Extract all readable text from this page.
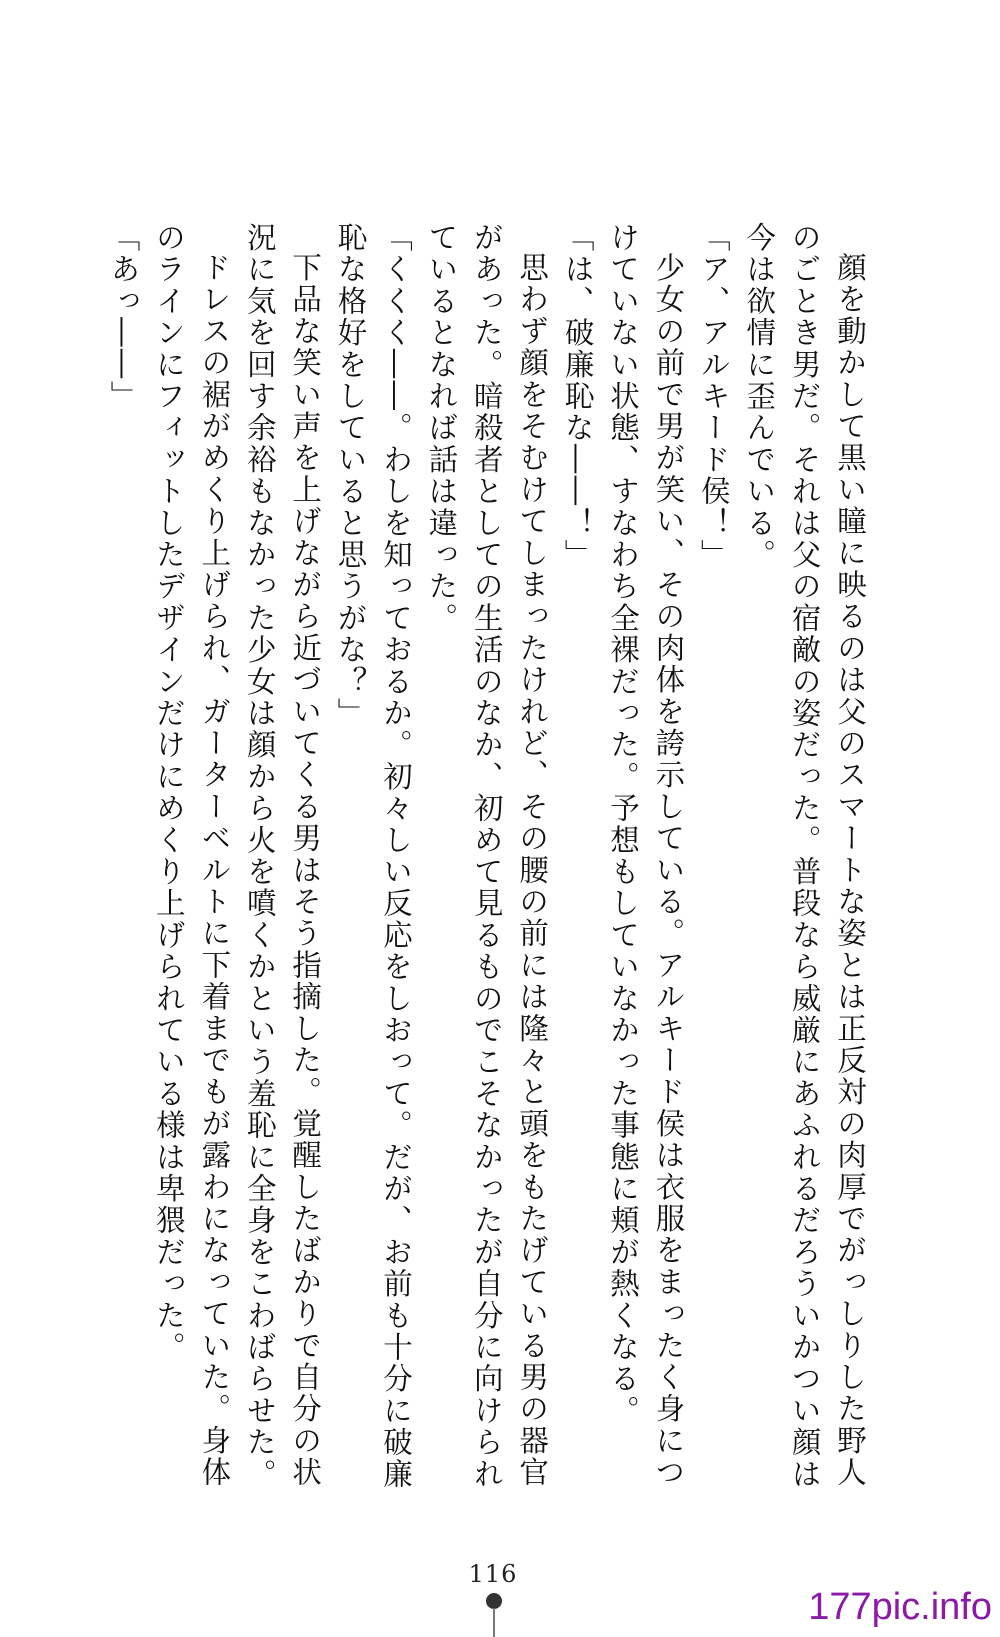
顔を動かして黒い瞳に映るのは父のスマートな姿とは正反対の肉厚でがっしりした野人

のごとき男だ。それは父の宿敵の姿だった。普段なら威厳にあふれるだろういかつい顔は

今は欲情に歪んでいる。

「ア、アルキード侯！」

少女の前で男が笑い、その肉体を誇示している。アルキード侯は衣服をまったく身につ

けていない状態、すなわち全裸だった。予想もしていなかった事態に頬が熱くなる。

「は、破廉恥な――！」

思わず顔をそむけてしまったけれど、その腰の前には隆々と頭をもたげている男の器官

があった。暗殺者としての生活のなか、初めて見るものでこそなかったが自分に向けられ

ているとなれば話は違った。

「くくく――。わしを知っておるか。初々しい反応をしおって。だが、お前も十分に破廉

恥な格好をしていると思うがな？」

下品な笑い声を上げながら近づいてくる男はそう指摘した。覚醒したばかりで自分の状

況に気を回す余裕もなかった少女は顔から火を噴くかという羞恥に全身をこわばらせた。

ドレスの裾がめくり上げられ、ガーターベルトに下着までもが露わになっていた。身体

のラインにフィットしたデザインだけにめくり上げられている様は卑猥だった。

「あっ――」

116
177pic.info
